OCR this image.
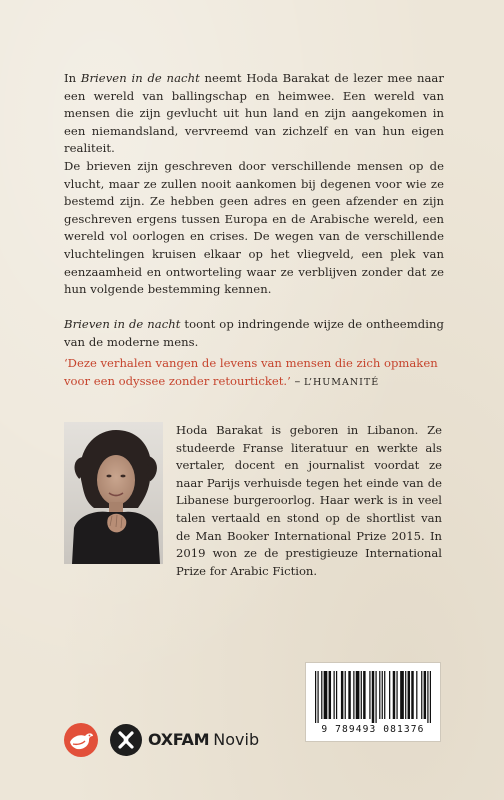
In Brieven in de nacht neemt Hoda Barakat de lezer mee naar een wereld van ballingschap en heimwee. Een wereld van mensen die zijn gevlucht uit hun land en zijn aangekomen in een niemandsland, vervreemd van zichzelf en van hun eigen realiteit.

De brieven zijn geschreven door verschillende mensen op de vlucht, maar ze zullen nooit aankomen bij degenen voor wie ze bestemd zijn. Ze hebben geen adres en geen afzender en zijn geschreven ergens tussen Europa en de Arabische wereld, een wereld vol oorlogen en crises. De wegen van de verschillende vluchtelingen kruisen elkaar op het vliegveld, een plek van eenzaamheid en ontworteling waar ze verblijven zonder dat ze hun volgende bestemming kennen.

Brieven in de nacht toont op indringende wijze de ontheemding van de moderne mens.

‘Deze verhalen vangen de levens van mensen die zich opmaken voor een odyssee zonder retourticket.’ – L’HUMANITÉ
Hoda Barakat is geboren in Libanon. Ze studeerde Franse literatuur en werkte als vertaler, docent en journalist voordat ze naar Parijs verhuisde tegen het einde van de Libanese burgeroorlog. Haar werk is in veel talen vertaald en stond op de shortlist van de Man Booker International Prize 2015. In 2019 won ze de prestigieuze International Prize for Arabic Fiction.
9 789493 081376
OXFAM Novib
